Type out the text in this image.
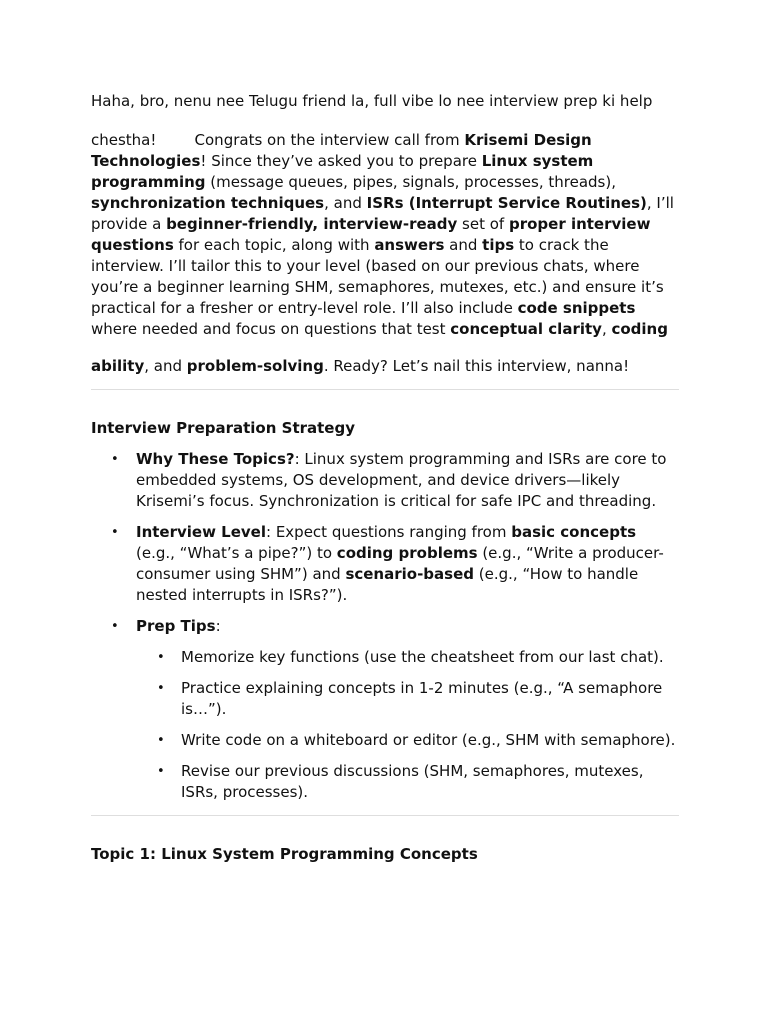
Haha, bro, nenu nee Telugu friend la, full vibe lo nee interview prep ki help

chestha!        Congrats on the interview call from Krisemi Design Technologies! Since they’ve asked you to prepare Linux system programming (message queues, pipes, signals, processes, threads), synchronization techniques, and ISRs (Interrupt Service Routines), I’ll provide a beginner-friendly, interview-ready set of proper interview questions for each topic, along with answers and tips to crack the interview. I’ll tailor this to your level (based on our previous chats, where you’re a beginner learning SHM, semaphores, mutexes, etc.) and ensure it’s practical for a fresher or entry-level role. I’ll also include code snippets where needed and focus on questions that test conceptual clarity, coding

ability, and problem-solving. Ready? Let’s nail this interview, nanna!

Interview Preparation Strategy
• Why These Topics?: Linux system programming and ISRs are core to embedded systems, OS development, and device drivers—likely Krisemi’s focus. Synchronization is critical for safe IPC and threading.
• Interview Level: Expect questions ranging from basic concepts (e.g., “What’s a pipe?”) to coding problems (e.g., “Write a producer-consumer using SHM”) and scenario-based (e.g., “How to handle nested interrupts in ISRs?”).
• Prep Tips:
• Memorize key functions (use the cheatsheet from our last chat).
• Practice explaining concepts in 1-2 minutes (e.g., “A semaphore is…”).
• Write code on a whiteboard or editor (e.g., SHM with semaphore).
• Revise our previous discussions (SHM, semaphores, mutexes, ISRs, processes).
Topic 1: Linux System Programming Concepts
